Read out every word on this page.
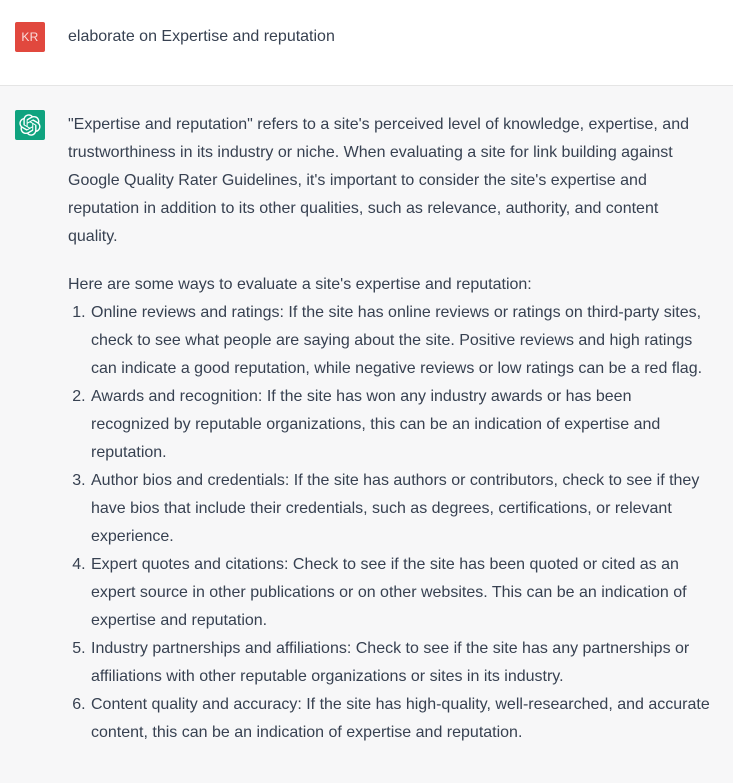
KR	elaborate on Expertise and reputation

"Expertise and reputation" refers to a site's perceived level of knowledge, expertise, and trustworthiness in its industry or niche. When evaluating a site for link building against Google Quality Rater Guidelines, it's important to consider the site's expertise and reputation in addition to its other qualities, such as relevance, authority, and content quality.

Here are some ways to evaluate a site's expertise and reputation:

1. Online reviews and ratings: If the site has online reviews or ratings on third-party sites, check to see what people are saying about the site. Positive reviews and high ratings can indicate a good reputation, while negative reviews or low ratings can be a red flag.
2. Awards and recognition: If the site has won any industry awards or has been recognized by reputable organizations, this can be an indication of expertise and reputation.
3. Author bios and credentials: If the site has authors or contributors, check to see if they have bios that include their credentials, such as degrees, certifications, or relevant experience.
4. Expert quotes and citations: Check to see if the site has been quoted or cited as an expert source in other publications or on other websites. This can be an indication of expertise and reputation.
5. Industry partnerships and affiliations: Check to see if the site has any partnerships or affiliations with other reputable organizations or sites in its industry.
6. Content quality and accuracy: If the site has high-quality, well-researched, and accurate content, this can be an indication of expertise and reputation.
